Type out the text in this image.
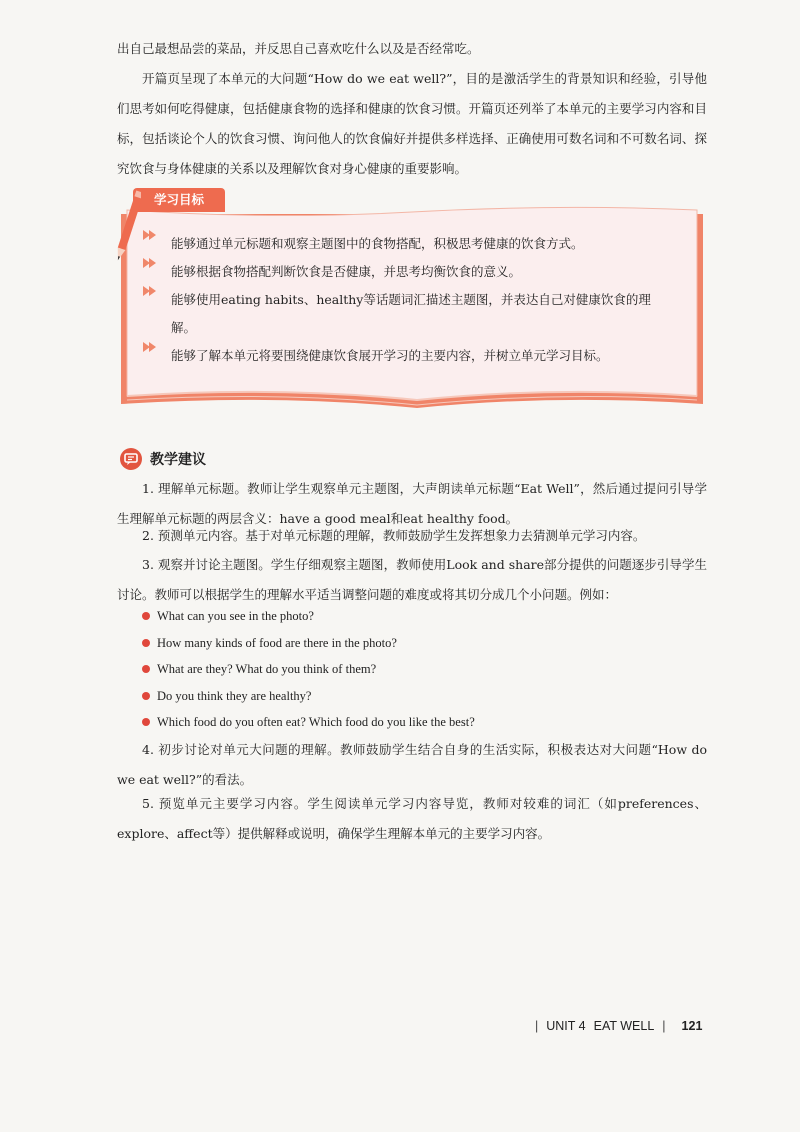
出自己最想品尝的菜品，并反思自己喜欢吃什么以及是否经常吃。

开篇页呈现了本单元的大问题“How do we eat well?”，目的是激活学生的背景知识和经验，引导他们思考如何吃得健康，包括健康食物的选择和健康的饮食习惯。开篇页还列举了本单元的主要学习内容和目标，包括谈论个人的饮食习惯、询问他人的饮食偏好并提供多样选择、正确使用可数名词和不可数名词、探究饮食与身体健康的关系以及理解饮食对身心健康的重要影响。

学习目标
能够通过单元标题和观察主题图中的食物搭配，积极思考健康的饮食方式。
能够根据食物搭配判断饮食是否健康，并思考均衡饮食的意义。
能够使用eating habits、healthy等话题词汇描述主题图，并表达自己对健康饮食的理解。
能够了解本单元将要围绕健康饮食展开学习的主要内容，并树立单元学习目标。
教学建议

1. 理解单元标题。教师让学生观察单元主题图，大声朗读单元标题“Eat Well”，然后通过提问引导学生理解单元标题的两层含义：have a good meal和eat healthy food。

2. 预测单元内容。基于对单元标题的理解，教师鼓励学生发挥想象力去猜测单元学习内容。

3. 观察并讨论主题图。学生仔细观察主题图，教师使用Look and share部分提供的问题逐步引导学生讨论。教师可以根据学生的理解水平适当调整问题的难度或将其切分成几个小问题。例如：

What can you see in the photo?
How many kinds of food are there in the photo?
What are they? What do you think of them?
Do you think they are healthy?
Which food do you often eat? Which food do you like the best?

4. 初步讨论对单元大问题的理解。教师鼓励学生结合自身的生活实际，积极表达对大问题“How do we eat well?”的看法。

5. 预览单元主要学习内容。学生阅读单元学习内容导览，教师对较难的词汇（如preferences、explore、affect等）提供解释或说明，确保学生理解本单元的主要学习内容。

| UNIT 4 EAT WELL | 121
